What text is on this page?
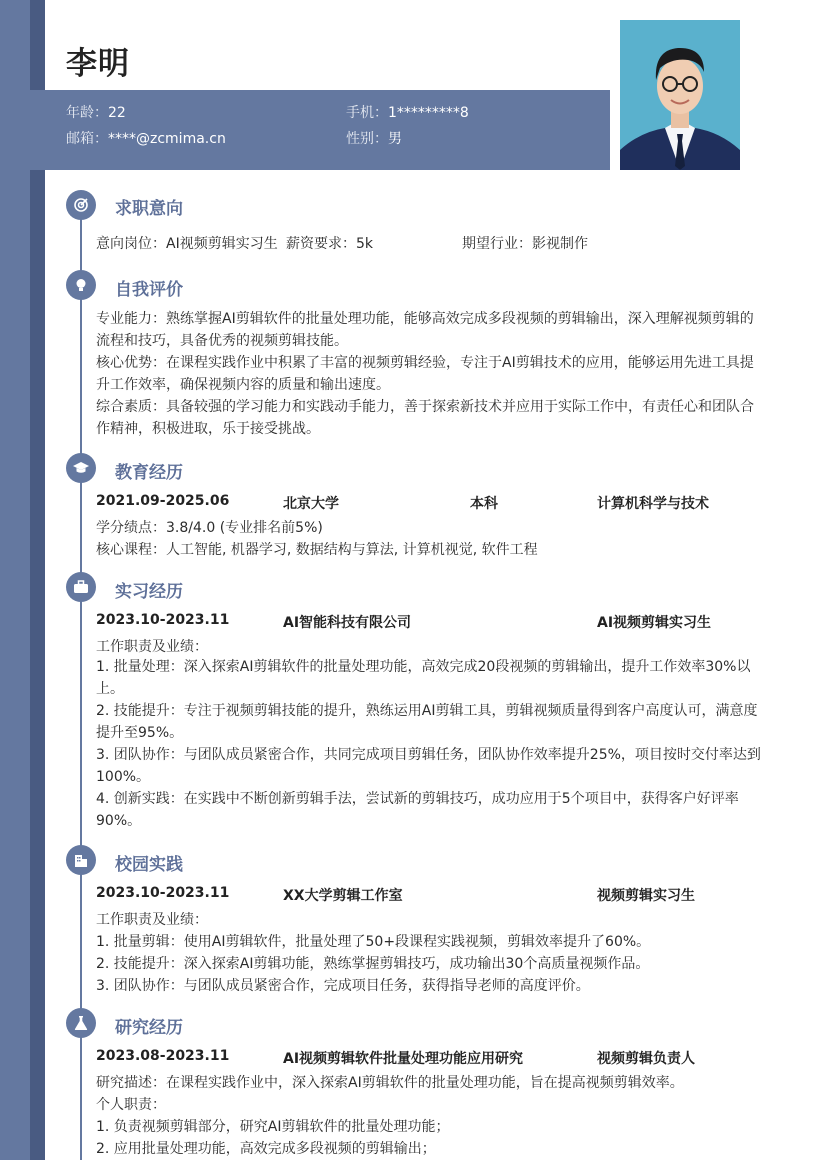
李明
年龄：22	手机：1*********8
邮箱：****@zcmima.cn	性别：男
求职意向
意向岗位：AI视频剪辑实习生 薪资要求：5k	期望行业：影视制作
自我评价
专业能力：熟练掌握AI剪辑软件的批量处理功能，能够高效完成多段视频的剪辑输出，深入理解视频剪辑的流程和技巧，具备优秀的视频剪辑技能。
核心优势：在课程实践作业中积累了丰富的视频剪辑经验，专注于AI剪辑技术的应用，能够运用先进工具提升工作效率，确保视频内容的质量和输出速度。
综合素质：具备较强的学习能力和实践动手能力，善于探索新技术并应用于实际工作中，有责任心和团队合作精神，积极进取，乐于接受挑战。
教育经历
2021.09-2025.06	北京大学	本科	计算机科学与技术
学分绩点：3.8/4.0 (专业排名前5%)
核心课程：人工智能, 机器学习, 数据结构与算法, 计算机视觉, 软件工程
实习经历
2023.10-2023.11	AI智能科技有限公司	AI视频剪辑实习生
工作职责及业绩：
1. 批量处理：深入探索AI剪辑软件的批量处理功能，高效完成20段视频的剪辑输出，提升工作效率30%以上。
2. 技能提升：专注于视频剪辑技能的提升，熟练运用AI剪辑工具，剪辑视频质量得到客户高度认可，满意度提升至95%。
3. 团队协作：与团队成员紧密合作，共同完成项目剪辑任务，团队协作效率提升25%，项目按时交付率达到100%。
4. 创新实践：在实践中不断创新剪辑手法，尝试新的剪辑技巧，成功应用于5个项目中，获得客户好评率90%。
校园实践
2023.10-2023.11	XX大学剪辑工作室	视频剪辑实习生
工作职责及业绩：
1. 批量剪辑：使用AI剪辑软件，批量处理了50+段课程实践视频，剪辑效率提升了60%。
2. 技能提升：深入探索AI剪辑功能，熟练掌握剪辑技巧，成功输出30个高质量视频作品。
3. 团队协作：与团队成员紧密合作，完成项目任务，获得指导老师的高度评价。
研究经历
2023.08-2023.11	AI视频剪辑软件批量处理功能应用研究	视频剪辑负责人
研究描述：在课程实践作业中，深入探索AI剪辑软件的批量处理功能，旨在提高视频剪辑效率。
个人职责：
1. 负责视频剪辑部分，研究AI剪辑软件的批量处理功能；
2. 应用批量处理功能，高效完成多段视频的剪辑输出；
